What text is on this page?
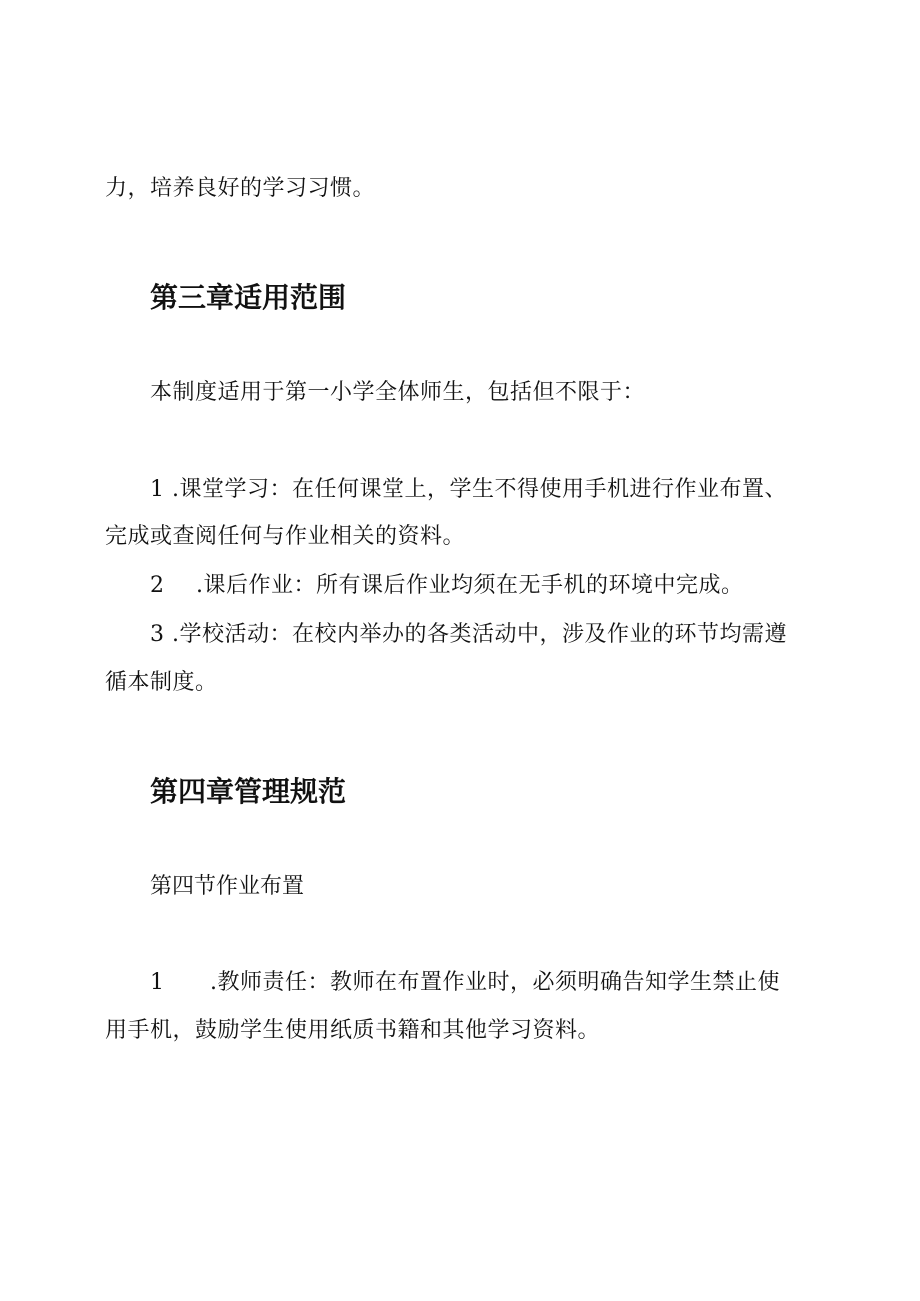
力，培养良好的学习习惯。
第三章适用范围
本制度适用于第一小学全体师生，包括但不限于：
1 .课堂学习：在任何课堂上，学生不得使用手机进行作业布置、
完成或查阅任何与作业相关的资料。
2 .课后作业：所有课后作业均须在无手机的环境中完成。
3 .学校活动：在校内举办的各类活动中，涉及作业的环节均需遵
循本制度。
第四章管理规范
第四节作业布置
1 .教师责任：教师在布置作业时，必须明确告知学生禁止使
用手机，鼓励学生使用纸质书籍和其他学习资料。
